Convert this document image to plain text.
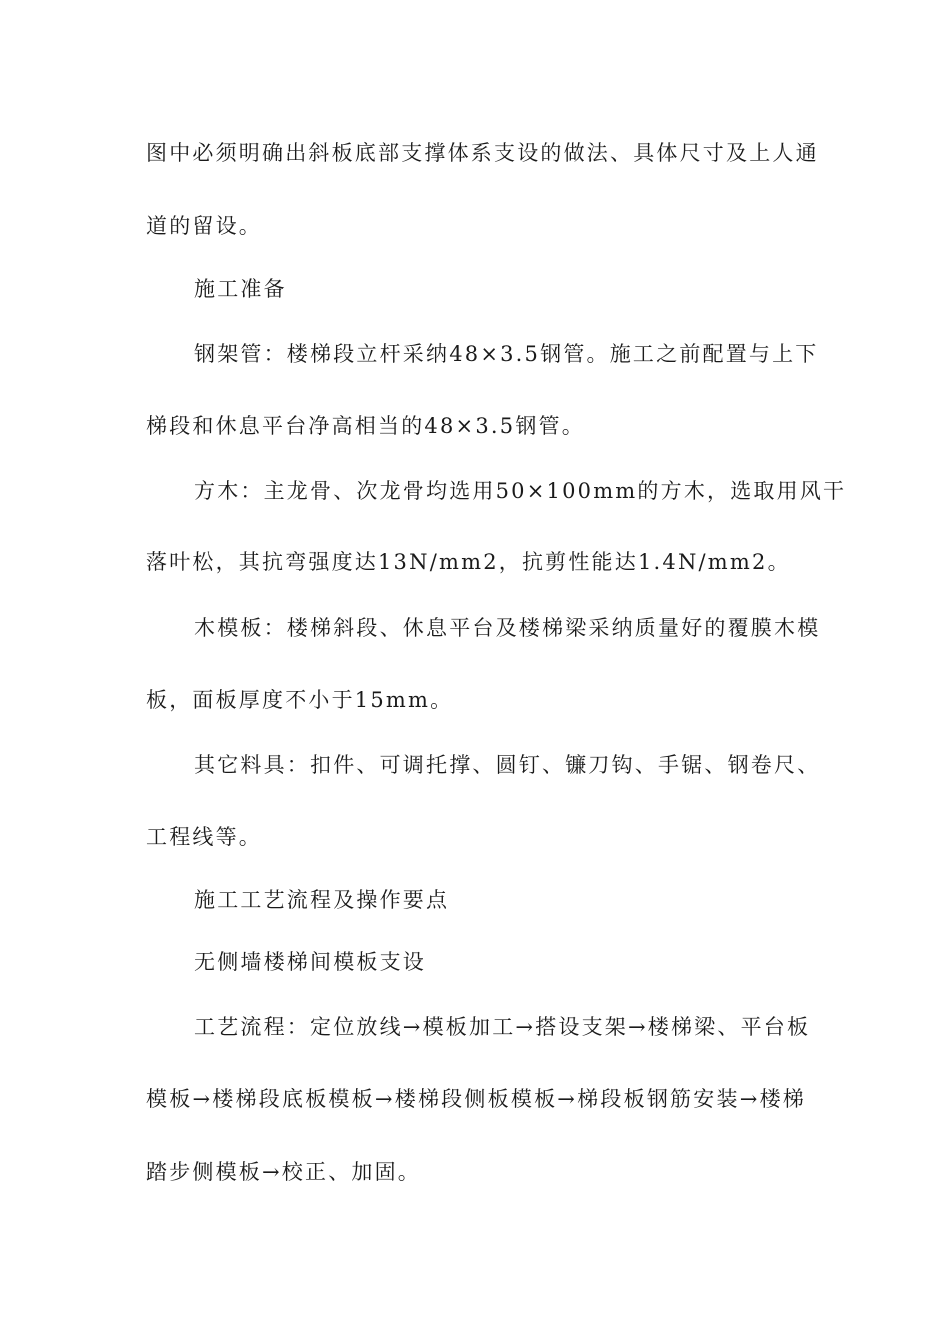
图中必须明确出斜板底部支撑体系支设的做法、具体尺寸及上人通
道的留设。
施工准备
钢架管：楼梯段立杆采纳48×3.5钢管。施工之前配置与上下
梯段和休息平台净高相当的48×3.5钢管。
方木：主龙骨、次龙骨均选用50×100mm的方木，选取用风干
落叶松，其抗弯强度达13N/mm2，抗剪性能达1.4N/mm2。
木模板：楼梯斜段、休息平台及楼梯梁采纳质量好的覆膜木模
板，面板厚度不小于15mm。
其它料具：扣件、可调托撑、圆钉、镰刀钩、手锯、钢卷尺、
工程线等。
施工工艺流程及操作要点
无侧墙楼梯间模板支设
工艺流程：定位放线→模板加工→搭设支架→楼梯梁、平台板
模板→楼梯段底板模板→楼梯段侧板模板→梯段板钢筋安装→楼梯
踏步侧模板→校正、加固。
